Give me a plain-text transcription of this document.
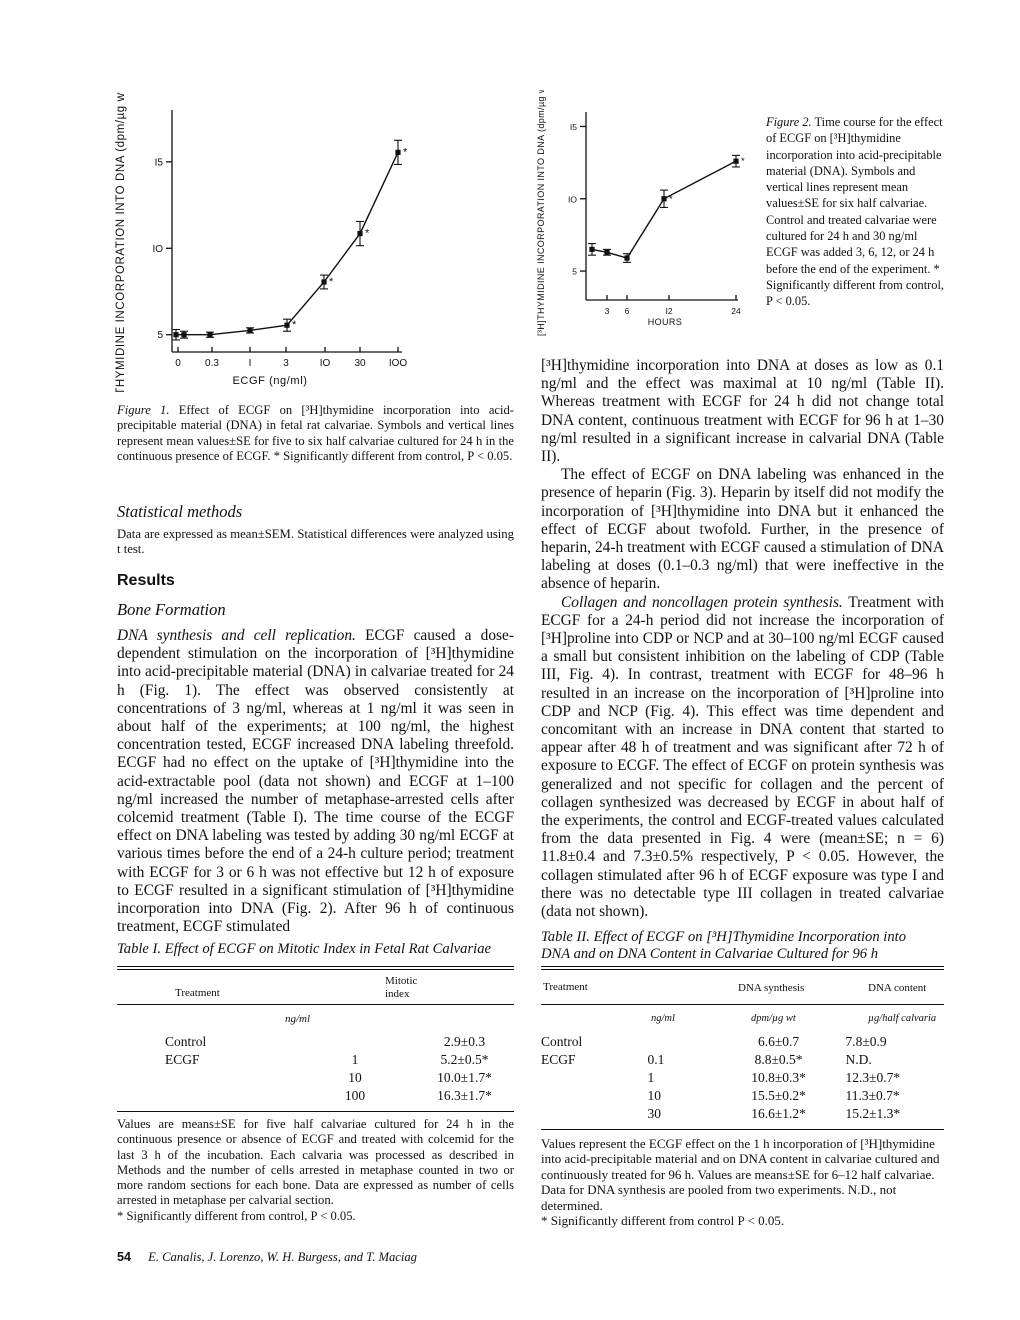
[³H]THYMIDINE INCORPORATION INTO DNA (dpm/µg wt)	5
IO
I5
0 0.3	I	3	IO 30 IOO
*
*
*
*
ECGF (ng/ml)
Figure 1. Effect of ECGF on [³H]thymidine incorporation into acid-precipitable material (DNA) in fetal rat calvariae. Symbols and vertical lines represent mean values±SE for five to six half calvariae cultured for 24 h in the continuous presence of ECGF. * Significantly different from control, P < 0.05.
[³H]THYMIDINE INCORPORATION INTO DNA (dpm/µg wt)	5
IO
I5
3 6	I2	24
*
*
HOURS
Figure 2. Time course for the effect of ECGF on [³H]thymidine incorporation into acid-precipitable material (DNA). Symbols and vertical lines represent mean values±SE for six half calvariae. Control and treated calvariae were cultured for 24 h and 30 ng/ml ECGF was added 3, 6, 12, or 24 h before the end of the experiment. * Significantly different from control, P < 0.05.
Statistical methods
Data are expressed as mean±SEM. Statistical differences were analyzed using t test.
Results
Bone Formation

DNA synthesis and cell replication. ECGF caused a dose-dependent stimulation on the incorporation of [³H]thymidine into acid-precipitable material (DNA) in calvariae treated for 24 h (Fig. 1). The effect was observed consistently at concentrations of 3 ng/ml, whereas at 1 ng/ml it was seen in about half of the experiments; at 100 ng/ml, the highest concentration tested, ECGF increased DNA labeling threefold. ECGF had no effect on the uptake of [³H]thymidine into the acid-extractable pool (data not shown) and ECGF at 1–100 ng/ml increased the number of metaphase-arrested cells after colcemid treatment (Table I). The time course of the ECGF effect on DNA labeling was tested by adding 30 ng/ml ECGF at various times before the end of a 24-h culture period; treatment with ECGF for 3 or 6 h was not effective but 12 h of exposure to ECGF resulted in a significant stimulation of [³H]thymidine incorporation into DNA (Fig. 2). After 96 h of continuous treatment, ECGF stimulated

[³H]thymidine incorporation into DNA at doses as low as 0.1 ng/ml and the effect was maximal at 10 ng/ml (Table II). Whereas treatment with ECGF for 24 h did not change total DNA content, continuous treatment with ECGF for 96 h at 1–30 ng/ml resulted in a significant increase in calvarial DNA (Table II).

The effect of ECGF on DNA labeling was enhanced in the presence of heparin (Fig. 3). Heparin by itself did not modify the incorporation of [³H]thymidine into DNA but it enhanced the effect of ECGF about twofold. Further, in the presence of heparin, 24-h treatment with ECGF caused a stimulation of DNA labeling at doses (0.1–0.3 ng/ml) that were ineffective in the absence of heparin.

Collagen and noncollagen protein synthesis. Treatment with ECGF for a 24-h period did not increase the incorporation of [³H]proline into CDP or NCP and at 30–100 ng/ml ECGF caused a small but consistent inhibition on the labeling of CDP (Table III, Fig. 4). In contrast, treatment with ECGF for 48–96 h resulted in an increase on the incorporation of [³H]proline into CDP and NCP (Fig. 4). This effect was time dependent and concomitant with an increase in DNA content that started to appear after 48 h of treatment and was significant after 72 h of exposure to ECGF. The effect of ECGF on protein synthesis was generalized and not specific for collagen and the percent of collagen synthesized was decreased by ECGF in about half of the experiments, the control and ECGF-treated values calculated from the data presented in Fig. 4 were (mean±SE; n = 6) 11.8±0.4 and 7.3±0.5% respectively, P < 0.05. However, the collagen stimulated after 96 h of ECGF exposure was type I and there was no detectable type III collagen in treated calvariae (data not shown).

Table I. Effect of ECGF on Mitotic Index in Fetal Rat Calvariae
Treatment
Mitotic
index
ng/ml
Control		2.9±0.3
ECGF	1	5.2±0.5*
	10	10.0±1.7*
	100	16.3±1.7*

Values are means±SE for five half calvariae cultured for 24 h in the continuous presence or absence of ECGF and treated with colcemid for the last 3 h of the incubation. Each calvaria was processed as described in Methods and the number of cells arrested in metaphase counted in two or more random sections for each bone. Data are expressed as number of cells arrested in metaphase per calvarial section.

* Significantly different from control, P < 0.05.

Table II. Effect of ECGF on [³H]Thymidine Incorporation into
DNA and on DNA Content in Calvariae Cultured for 96 h
Treatment	DNA synthesis	DNA content
ng/ml	dpm/µg wt	µg/half calvaria
Control		6.6±0.7	7.8±0.9
ECGF	0.1	8.8±0.5*	N.D.
	1	10.8±0.3*	12.3±0.7*
	10	15.5±0.2*	11.3±0.7*
	30	16.6±1.2*	15.2±1.3*

Values represent the ECGF effect on the 1 h incorporation of [³H]thymidine into acid-precipitable material and on DNA content in calvariae cultured and continuously treated for 96 h. Values are means±SE for 6–12 half calvariae. Data for DNA synthesis are pooled from two experiments. N.D., not determined.

* Significantly different from control P < 0.05.

54 E. Canalis, J. Lorenzo, W. H. Burgess, and T. Maciag
